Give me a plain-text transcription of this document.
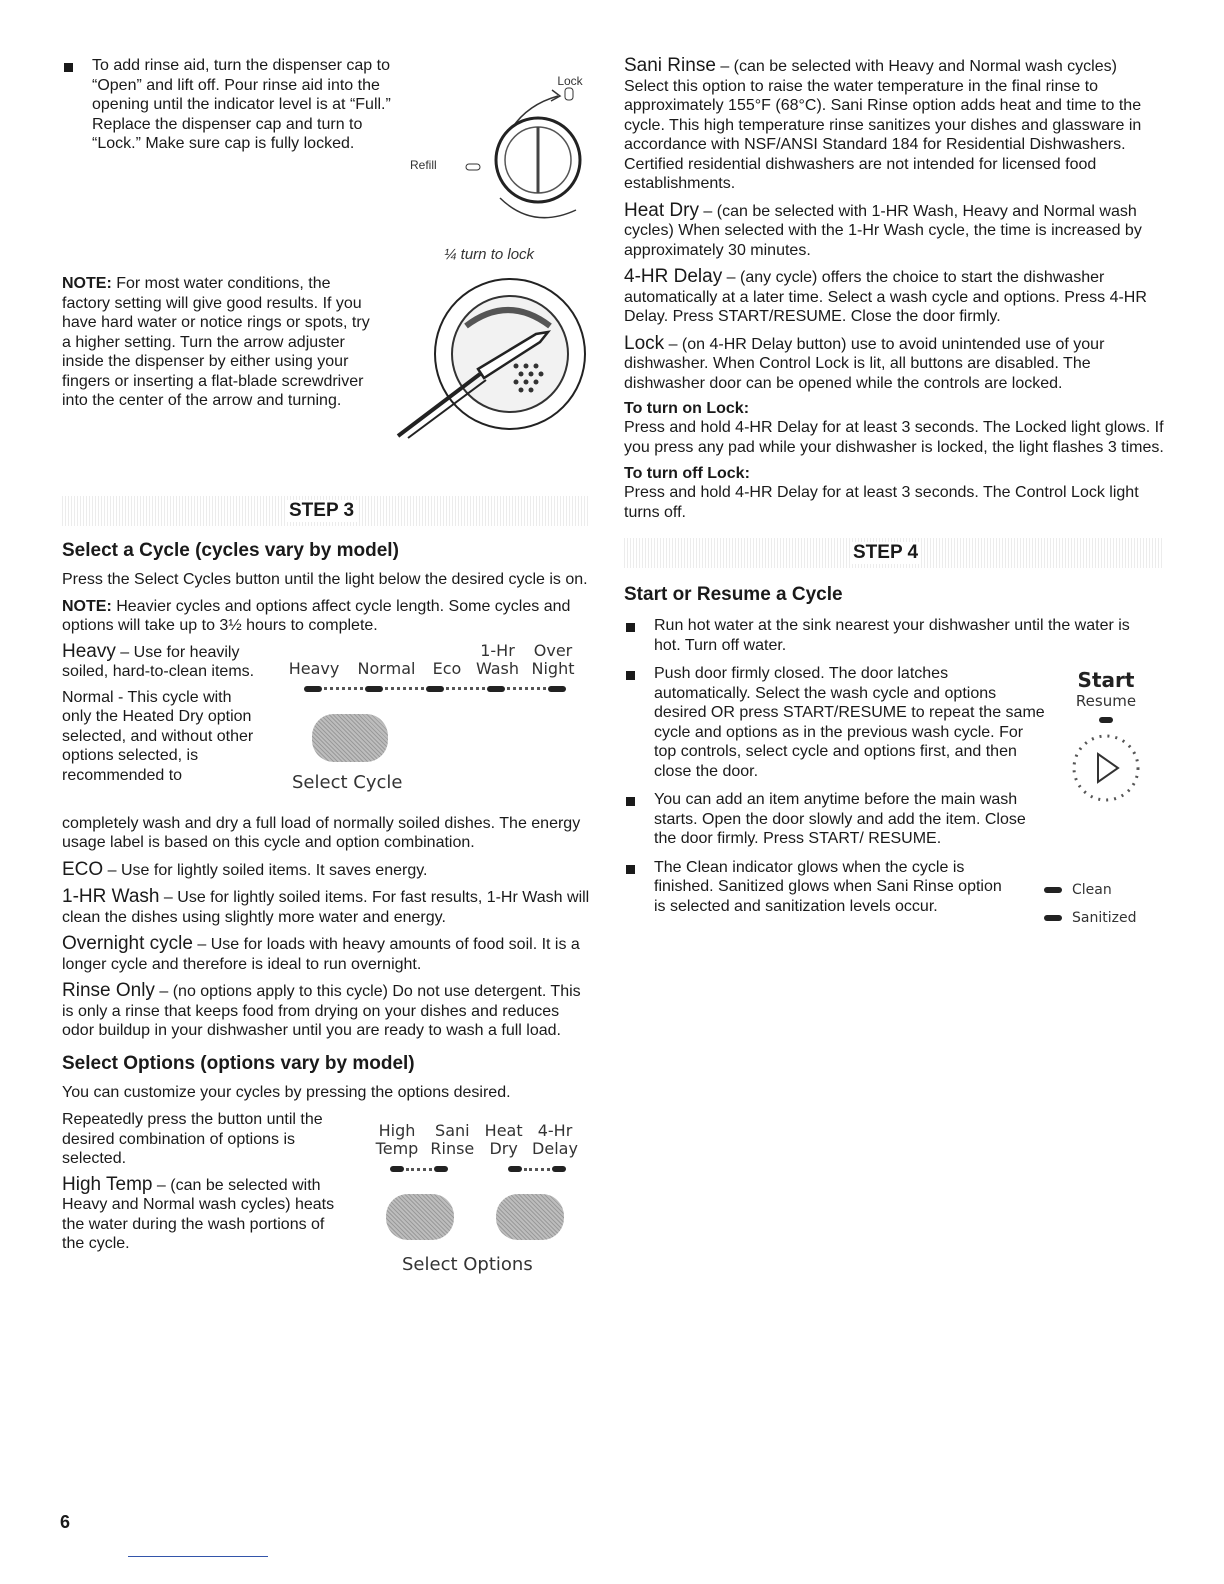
To add rinse aid, turn the dispenser cap to “Open” and lift off. Pour rinse aid into the opening until the indicator level is at “Full.” Replace the dispenser cap and turn to “Lock.” Make sure cap is fully locked.

Lock
Refill
¼ turn to lock

NOTE: For most water conditions, the factory setting will give good results. If you have hard water or notice rings or spots, try a higher setting. Turn the arrow adjuster inside the dispenser by either using your fingers or inserting a flat-blade screwdriver into the center of the arrow and turning.

STEP 3
Select a Cycle (cycles vary by model)

Press the Select Cycles button until the light below the desired cycle is on.

NOTE: Heavier cycles and options affect cycle length. Some cycles and options will take up to 3½ hours to complete.

Heavy – Use for heavily soiled, hard-to-clean items.

Normal - This cycle with only the Heated Dry option selected, and without other options selected, is recommended to

Heavy	Normal	Eco
1-Hr Wash
Over Night
Select Cycle

completely wash and dry a full load of normally soiled dishes. The energy usage label is based on this cycle and option combination.

ECO – Use for lightly soiled items. It saves energy.

1-HR Wash – Use for lightly soiled items. For fast results, 1-Hr Wash will clean the dishes using slightly more water and energy.

Overnight cycle – Use for loads with heavy amounts of food soil. It is a longer cycle and therefore is ideal to run overnight.

Rinse Only – (no options apply to this cycle) Do not use detergent. This is only a rinse that keeps food from drying on your dishes and reduces odor buildup in your dishwasher until you are ready to wash a full load.

Select Options (options vary by model)

You can customize your cycles by pressing the options desired.

Repeatedly press the button until the desired combination of options is selected.

High Temp – (can be selected with Heavy and Normal wash cycles) heats the water during the wash portions of the cycle.

High Temp
Sani Rinse
Heat Dry
4-Hr Delay
Select Options

Sani Rinse – (can be selected with Heavy and Normal wash cycles) Select this option to raise the water temperature in the final rinse to approximately 155°F (68°C). Sani Rinse option adds heat and time to the cycle. This high temperature rinse sanitizes your dishes and glassware in accordance with NSF/ANSI Standard 184 for Residential Dishwashers. Certified residential dishwashers are not intended for licensed food establishments.

Heat Dry – (can be selected with 1-HR Wash, Heavy and Normal wash cycles) When selected with the 1-Hr Wash cycle, the time is increased by approximately 30 minutes.

4-HR Delay – (any cycle) offers the choice to start the dishwasher automatically at a later time. Select a wash cycle and options. Press 4-HR Delay. Press START/RESUME. Close the door firmly.

Lock – (on 4-HR Delay button) use to avoid unintended use of your dishwasher. When Control Lock is lit, all buttons are disabled. The dishwasher door can be opened while the controls are locked.

To turn on Lock:

Press and hold 4-HR Delay for at least 3 seconds. The Locked light glows. If you press any pad while your dishwasher is locked, the light flashes 3 times.

To turn off Lock:

Press and hold 4-HR Delay for at least 3 seconds. The Control Lock light turns off.

STEP 4
Start or Resume a Cycle

Run hot water at the sink nearest your dishwasher until the water is hot. Turn off water.

Push door firmly closed. The door latches automatically. Select the wash cycle and options desired OR press START/RESUME to repeat the same cycle and options as in the previous wash cycle. For top controls, select cycle and options first, and then close the door.

You can add an item anytime before the main wash starts. Open the door slowly and add the item. Close the door firmly. Press START/ RESUME.

The Clean indicator glows when the cycle is finished. Sanitized glows when Sani Rinse option is selected and sanitization levels occur.

Start
Resume
Clean
Sanitized
6
